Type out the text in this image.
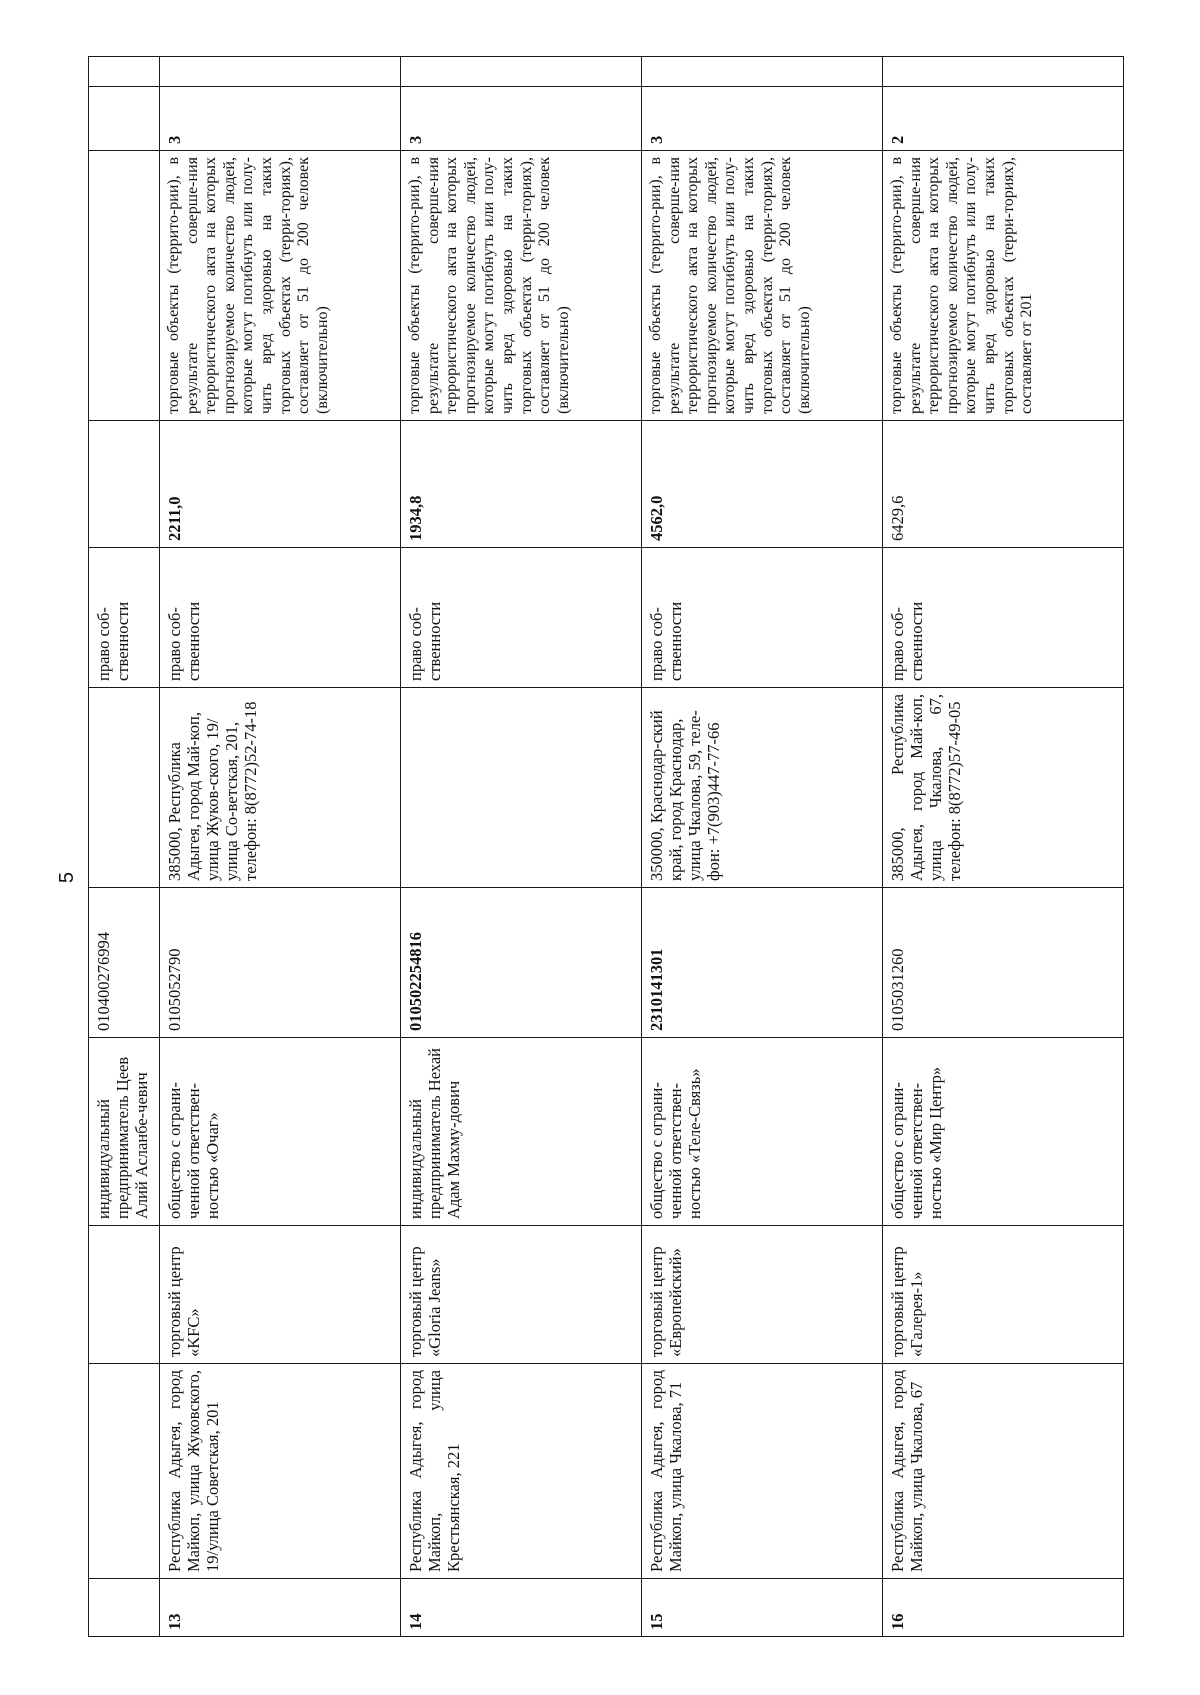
5
			индивидуальный предприниматель Цеев Алий Асланбе-чевич	010400276994		право соб-ственности				
13	Республика Адыгея, город Майкоп, улица Жуковского, 19/улица Советская, 201	торговый центр «KFC»	общество с ограни-ченной ответствен-ностью «Очаг»	0105052790	385000, Республика Адыгея, город Май-коп, улица Жуков-ского, 19/улица Со-ветская, 201, телефон: 8(8772)52-74-18	право соб-ственности	2211,0	торговые объекты (террито-рии), в результате соверше-ния террористического акта на которых прогнозируемое количество людей, которые могут погибнуть или полу-чить вред здоровью на таких торговых объектах (терри-ториях), составляет от 51 до 200 человек (включительно)	3	
14	Республика Адыгея, город Майкоп, улица Крестьянская, 221	торговый центр «Gloria Jeans»	индивидуальный предприниматель Нехай Адам Махму-дович	010502254816		право соб-ственности	1934,8	торговые объекты (террито-рии), в результате соверше-ния террористического акта на которых прогнозируемое количество людей, которые могут погибнуть или полу-чить вред здоровью на таких торговых объектах (терри-ториях), составляет от 51 до 200 человек (включительно)	3	
15	Республика Адыгея, город Майкоп, улица Чкалова, 71	торговый центр «Европейский»	общество с ограни-ченной ответствен-ностью «Теле-Связь»	2310141301	350000, Краснодар-ский край, город Краснодар, улица Чкалова, 59, теле-фон: +7(903)447-77-66	право соб-ственности	4562,0	торговые объекты (террито-рии), в результате соверше-ния террористического акта на которых прогнозируемое количество людей, которые могут погибнуть или полу-чить вред здоровью на таких торговых объектах (терри-ториях), составляет от 51 до 200 человек (включительно)	3	
16	Республика Адыгея, город Майкоп, улица Чкалова, 67	торговый центр «Галерея-1»	общество с ограни-ченной ответствен-ностью «Мир Центр»	0105031260	385000, Республика Адыгея, город Май-коп, улица Чкалова, 67, телефон: 8(8772)57-49-05	право соб-ственности	6429,6	торговые объекты (террито-рии), в результате соверше-ния террористического акта на которых прогнозируемое количество людей, которые могут погибнуть или полу-чить вред здоровью на таких торговых объектах (терри-ториях), составляет от 201	2	
